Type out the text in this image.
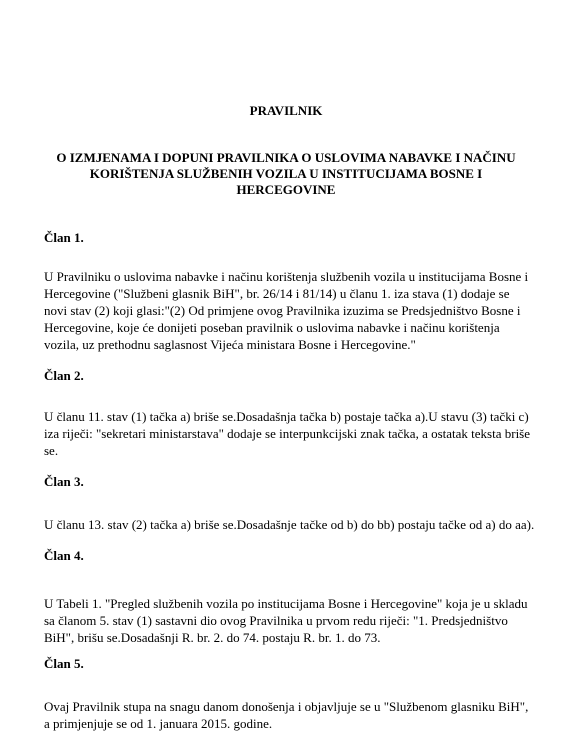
PRAVILNIK
O IZMJENAMA I DOPUNI PRAVILNIKA O USLOVIMA NABAVKE I NAČINU
KORIŠTENJA SLUŽBENIH VOZILA U INSTITUCIJAMA BOSNE I
HERCEGOVINE
Član 1.
U Pravilniku o uslovima nabavke i načinu korištenja službenih vozila u institucijama Bosne i
Hercegovine ("Službeni glasnik BiH", br. 26/14 i 81/14) u članu 1. iza stava (1) dodaje se
novi stav (2) koji glasi:"(2) Od primjene ovog Pravilnika izuzima se Predsjedništvo Bosne i
Hercegovine, koje će donijeti poseban pravilnik o uslovima nabavke i načinu korištenja
vozila, uz prethodnu saglasnost Vijeća ministara Bosne i Hercegovine."
Član 2.
U članu 11. stav (1) tačka a) briše se.Dosadašnja tačka b) postaje tačka a).U stavu (3) tački c)
iza riječi: "sekretari ministarstava" dodaje se interpunkcijski znak tačka, a ostatak teksta briše
se.
Član 3.
U članu 13. stav (2) tačka a) briše se.Dosadašnje tačke od b) do bb) postaju tačke od a) do aa).
Član 4.
U Tabeli 1. "Pregled službenih vozila po institucijama Bosne i Hercegovine" koja je u skladu
sa članom 5. stav (1) sastavni dio ovog Pravilnika u prvom redu riječi: "1. Predsjedništvo
BiH", brišu se.Dosadašnji R. br. 2. do 74. postaju R. br. 1. do 73.
Član 5.
Ovaj Pravilnik stupa na snagu danom donošenja i objavljuje se u "Službenom glasniku BiH",
a primjenjuje se od 1. januara 2015. godine.
